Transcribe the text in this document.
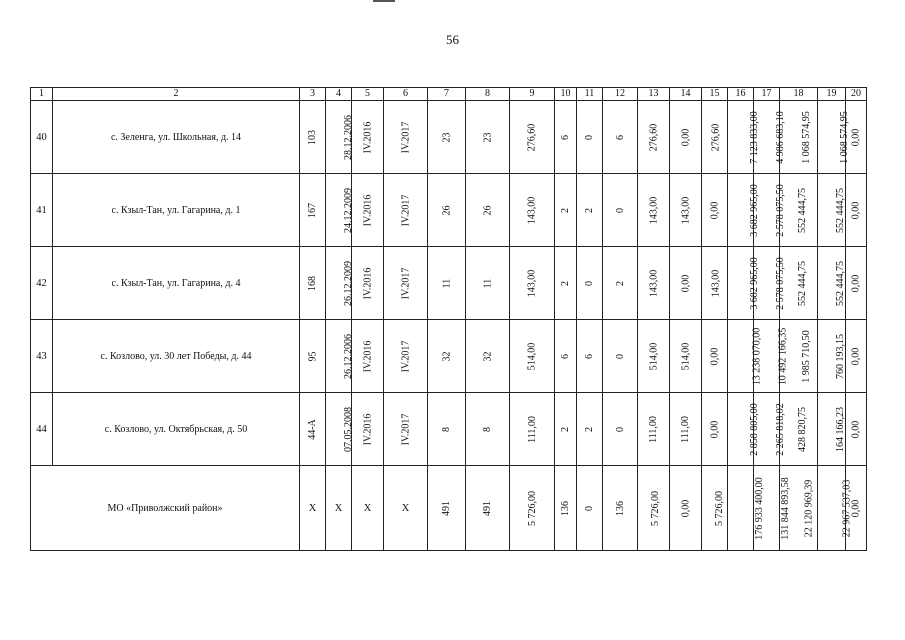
56
1	2	3	4	5	6	7	8	9	10	11	12	13	14	15	16	17	18	19	20
40	с. Зеленга, ул. Школьная, д. 14	103	28.12.2006	IV.2016	IV.2017	23	23	276,60	6	0	6	276,60	0,00	276,60	7 123 833,00	4 986 683,10	1 068 574,95	1 068 574,95	0,00
41	с. Кзыл-Тан, ул. Гагарина, д. 1	167	24.12.2009	IV.2016	IV.2017	26	26	143,00	2	2	0	143,00	143,00	0,00	3 682 965,00	2 578 075,50	552 444,75	552 444,75	0,00
42	с. Кзыл-Тан, ул. Гагарина, д. 4	168	26.12.2009	IV.2016	IV.2017	11	11	143,00	2	0	2	143,00	0,00	143,00	3 682 965,00	2 578 075,50	552 444,75	552 444,75	0,00
43	с. Козлово, ул. 30 лет Победы, д. 44	95	26.12.2006	IV.2016	IV.2017	32	32	514,00	6	6	0	514,00	514,00	0,00	13 238 070,00	10 492 166,35	1 985 710,50	760 193,15	0,00
44	с. Козлово, ул. Октябрьская, д. 50	44-А	07.05.2008	IV.2016	IV.2017	8	8	111,00	2	2	0	111,00	111,00	0,00	2 858 805,00	2 265 818,02	428 820,75	164 166,23	0,00
МО «Приволжский район»		Х	Х	Х	Х	491	491	5 726,00	136	0	136	5 726,00	0,00	5 726,00	176 933 400,00	131 844 893,58	22 120 969,39	22 967 537,03	0,00
